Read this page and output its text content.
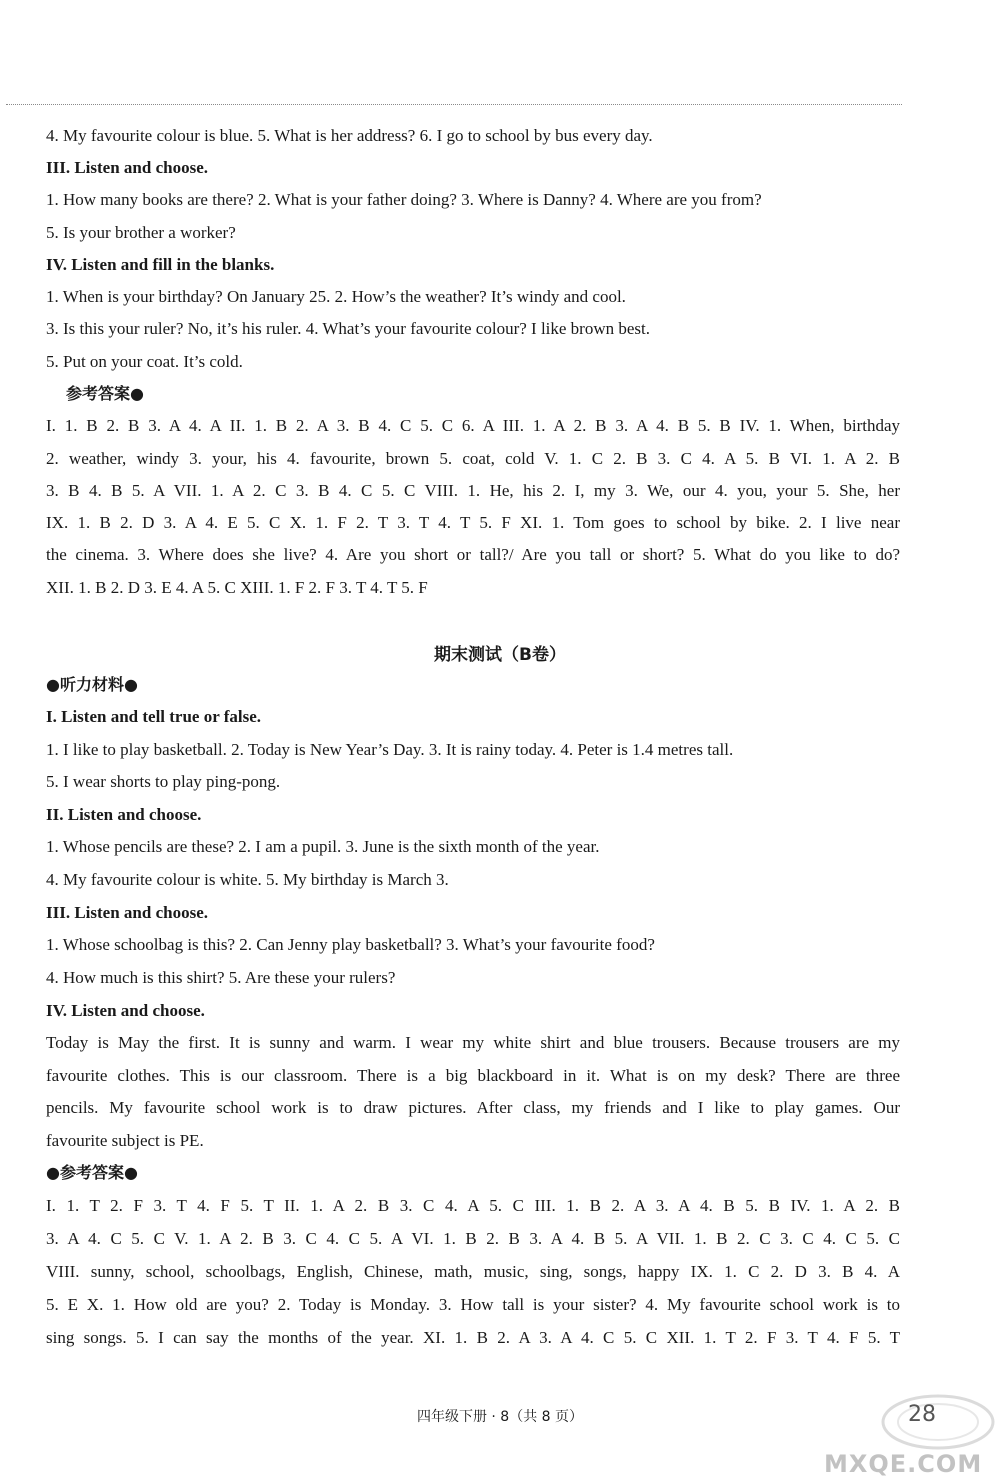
4. My favourite colour is blue. 5. What is her address? 6. I go to school by bus every day.
III. Listen and choose.
1. How many books are there? 2. What is your father doing? 3. Where is Danny? 4. Where are you from?
5. Is your brother a worker?
IV. Listen and fill in the blanks.
1. When is your birthday? On January 25. 2. How’s the weather? It’s windy and cool.
3. Is this your ruler? No, it’s his ruler. 4. What’s your favourite colour? I like brown best.
5. Put on your coat. It’s cold.
参考答案●
I. 1. B 2. B 3. A 4. A II. 1. B 2. A 3. B 4. C 5. C 6. A III. 1. A 2. B 3. A 4. B 5. B IV. 1. When, birthday
2. weather, windy 3. your, his 4. favourite, brown 5. coat, cold V. 1. C 2. B 3. C 4. A 5. B VI. 1. A 2. B
3. B 4. B 5. A VII. 1. A 2. C 3. B 4. C 5. C VIII. 1. He, his 2. I, my 3. We, our 4. you, your 5. She, her
IX. 1. B 2. D 3. A 4. E 5. C X. 1. F 2. T 3. T 4. T 5. F XI. 1. Tom goes to school by bike. 2. I live near
the cinema. 3. Where does she live? 4. Are you short or tall?/ Are you tall or short? 5. What do you like to do?
XII. 1. B 2. D 3. E 4. A 5. C XIII. 1. F 2. F 3. T 4. T 5. F
期末测试（B卷）
●听力材料●
I. Listen and tell true or false.
1. I like to play basketball. 2. Today is New Year’s Day. 3. It is rainy today. 4. Peter is 1.4 metres tall.
5. I wear shorts to play ping-pong.
II. Listen and choose.
1. Whose pencils are these? 2. I am a pupil. 3. June is the sixth month of the year.
4. My favourite colour is white. 5. My birthday is March 3.
III. Listen and choose.
1. Whose schoolbag is this? 2. Can Jenny play basketball? 3. What’s your favourite food?
4. How much is this shirt? 5. Are these your rulers?
IV. Listen and choose.
Today is May the first. It is sunny and warm. I wear my white shirt and blue trousers. Because trousers are my
favourite clothes. This is our classroom. There is a big blackboard in it. What is on my desk? There are three
pencils. My favourite school work is to draw pictures. After class, my friends and I like to play games. Our
favourite subject is PE.
●参考答案●
I. 1. T 2. F 3. T 4. F 5. T II. 1. A 2. B 3. C 4. A 5. C III. 1. B 2. A 3. A 4. B 5. B IV. 1. A 2. B
3. A 4. C 5. C V. 1. A 2. B 3. C 4. C 5. A VI. 1. B 2. B 3. A 4. B 5. A VII. 1. B 2. C 3. C 4. C 5. C
VIII. sunny, school, schoolbags, English, Chinese, math, music, sing, songs, happy IX. 1. C 2. D 3. B 4. A
5. E X. 1. How old are you? 2. Today is Monday. 3. How tall is your sister? 4. My favourite school work is to
sing songs. 5. I can say the months of the year. XI. 1. B 2. A 3. A 4. C 5. C XII. 1. T 2. F 3. T 4. F 5. T
四年级下册 · 8（共 8 页）	28
MXQE.COM
